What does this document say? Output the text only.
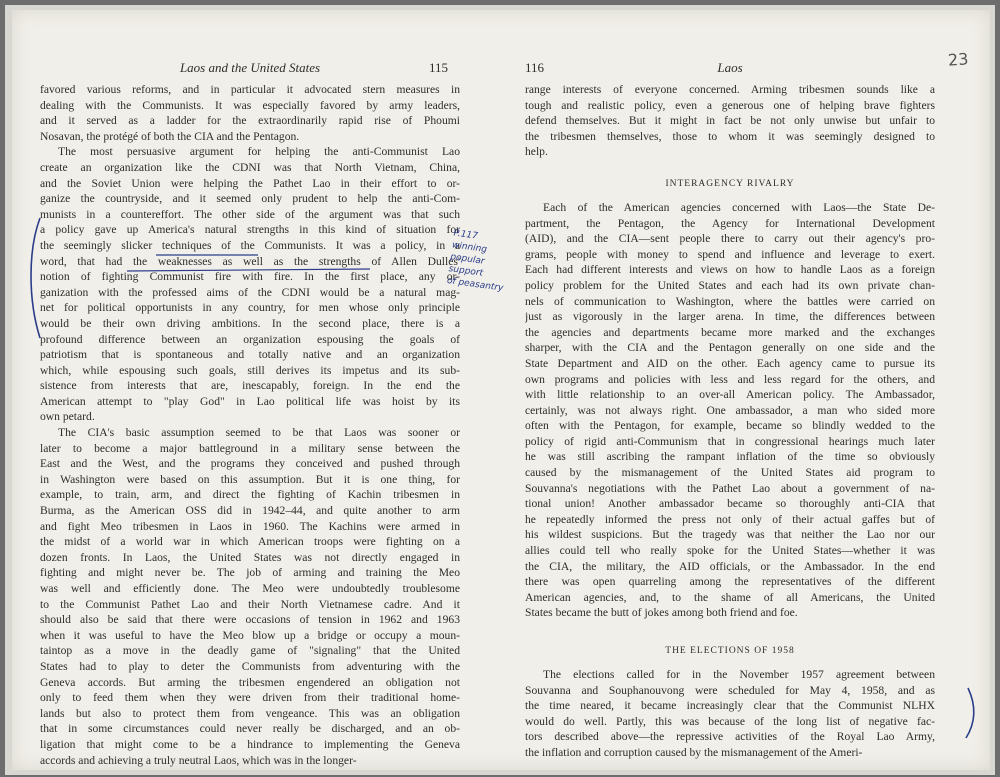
23
Laos and the United States	115
favored various reforms, and in particular it advocated stern measures in
dealing with the Communists. It was especially favored by army leaders,
and it served as a ladder for the extraordinarily rapid rise of Phoumi
Nosavan, the protégé of both the CIA and the Pentagon.
The most persuasive argument for helping the anti-Communist Lao
create an organization like the CDNI was that North Vietnam, China,
and the Soviet Union were helping the Pathet Lao in their effort to or-
ganize the countryside, and it seemed only prudent to help the anti-Com-
munists in a countereffort. The other side of the argument was that such
a policy gave up America's natural strengths in this kind of situation for
the seemingly slicker techniques of the Communists. It was a policy, in a
word, that had the weaknesses as well as the strengths of Allen Dulles'
notion of fighting Communist fire with fire. In the first place, any or-
ganization with the professed aims of the CDNI would be a natural mag-
net for political opportunists in any country, for men whose only principle
would be their own driving ambitions. In the second place, there is a
profound difference between an organization espousing the goals of
patriotism that is spontaneous and totally native and an organization
which, while espousing such goals, still derives its impetus and its sub-
sistence from interests that are, inescapably, foreign. In the end the
American attempt to "play God" in Lao political life was hoist by its
own petard.
The CIA's basic assumption seemed to be that Laos was sooner or
later to become a major battleground in a military sense between the
East and the West, and the programs they conceived and pushed through
in Washington were based on this assumption. But it is one thing, for
example, to train, arm, and direct the fighting of Kachin tribesmen in
Burma, as the American OSS did in 1942–44, and quite another to arm
and fight Meo tribesmen in Laos in 1960. The Kachins were armed in
the midst of a world war in which American troops were fighting on a
dozen fronts. In Laos, the United States was not directly engaged in
fighting and might never be. The job of arming and training the Meo
was well and efficiently done. The Meo were undoubtedly troublesome
to the Communist Pathet Lao and their North Vietnamese cadre. And it
should also be said that there were occasions of tension in 1962 and 1963
when it was useful to have the Meo blow up a bridge or occupy a moun-
taintop as a move in the deadly game of "signaling" that the United
States had to play to deter the Communists from adventuring with the
Geneva accords. But arming the tribesmen engendered an obligation not
only to feed them when they were driven from their traditional home-
lands but also to protect them from vengeance. This was an obligation
that in some circumstances could never really be discharged, and an ob-
ligation that might come to be a hindrance to implementing the Geneva
accords and achieving a truly neutral Laos, which was in the longer-
116	Laos
range interests of everyone concerned. Arming tribesmen sounds like a
tough and realistic policy, even a generous one of helping brave fighters
defend themselves. But it might in fact be not only unwise but unfair to
the tribesmen themselves, those to whom it was seemingly designed to
help.
INTERAGENCY RIVALRY
Each of the American agencies concerned with Laos—the State De-
partment, the Pentagon, the Agency for International Development
(AID), and the CIA—sent people there to carry out their agency's pro-
grams, people with money to spend and influence and leverage to exert.
Each had different interests and views on how to handle Laos as a foreign
policy problem for the United States and each had its own private chan-
nels of communication to Washington, where the battles were carried on
just as vigorously in the larger arena. In time, the differences between
the agencies and departments became more marked and the exchanges
sharper, with the CIA and the Pentagon generally on one side and the
State Department and AID on the other. Each agency came to pursue its
own programs and policies with less and less regard for the others, and
with little relationship to an over-all American policy. The Ambassador,
certainly, was not always right. One ambassador, a man who sided more
often with the Pentagon, for example, became so blindly wedded to the
policy of rigid anti-Communism that in congressional hearings much later
he was still ascribing the rampant inflation of the time so obviously
caused by the mismanagement of the United States aid program to
Souvanna's negotiations with the Pathet Lao about a government of na-
tional union! Another ambassador became so thoroughly anti-CIA that
he repeatedly informed the press not only of their actual gaffes but of
his wildest suspicions. But the tragedy was that neither the Lao nor our
allies could tell who really spoke for the United States—whether it was
the CIA, the military, the AID officials, or the Ambassador. In the end
there was open quarreling among the representatives of the different
American agencies, and, to the shame of all Americans, the United
States became the butt of jokes among both friend and foe.
THE ELECTIONS OF 1958
The elections called for in the November 1957 agreement between
Souvanna and Souphanouvong were scheduled for May 4, 1958, and as
the time neared, it became increasingly clear that the Communist NLHX
would do well. Partly, this was because of the long list of negative fac-
tors described above—the repressive activities of the Royal Lao Army,
the inflation and corruption caused by the mismanagement of the Ameri-
P.117
winning
popular
support
of peasantry
